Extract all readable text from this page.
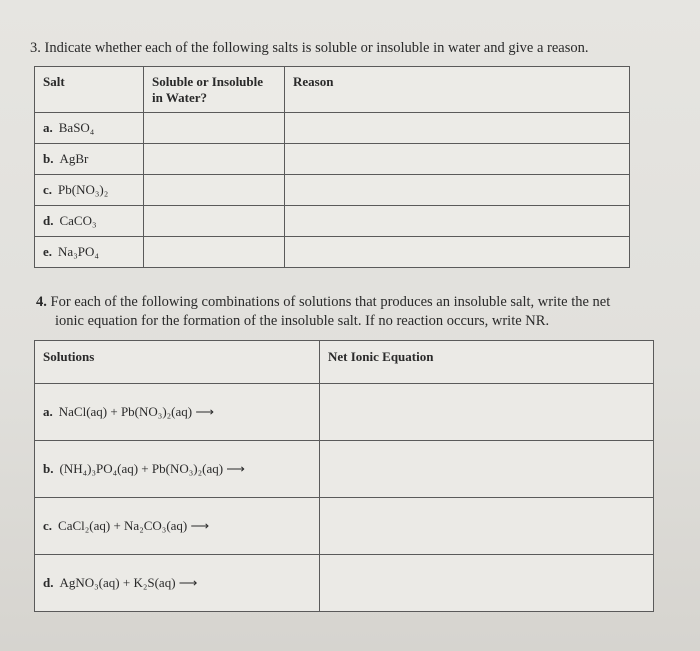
3. Indicate whether each of the following salts is soluble or insoluble in water and give a reason.
Salt	Soluble or Insoluble in Water?	Reason
a. BaSO₄		
b. AgBr		
c. Pb(NO₃)₂		
d. CaCO₃		
e. Na₃PO₄		
4. For each of the following combinations of solutions that produces an insoluble salt, write the net
ionic equation for the formation of the insoluble salt. If no reaction occurs, write NR.
Solutions	Net Ionic Equation
a. NaCl(aq) + Pb(NO₃)₂(aq) ⟶	
b. (NH₄)₃PO₄(aq) + Pb(NO₃)₂(aq) ⟶	
c. CaCl₂(aq) + Na₂CO₃(aq) ⟶	
d. AgNO₃(aq) + K₂S(aq) ⟶	
